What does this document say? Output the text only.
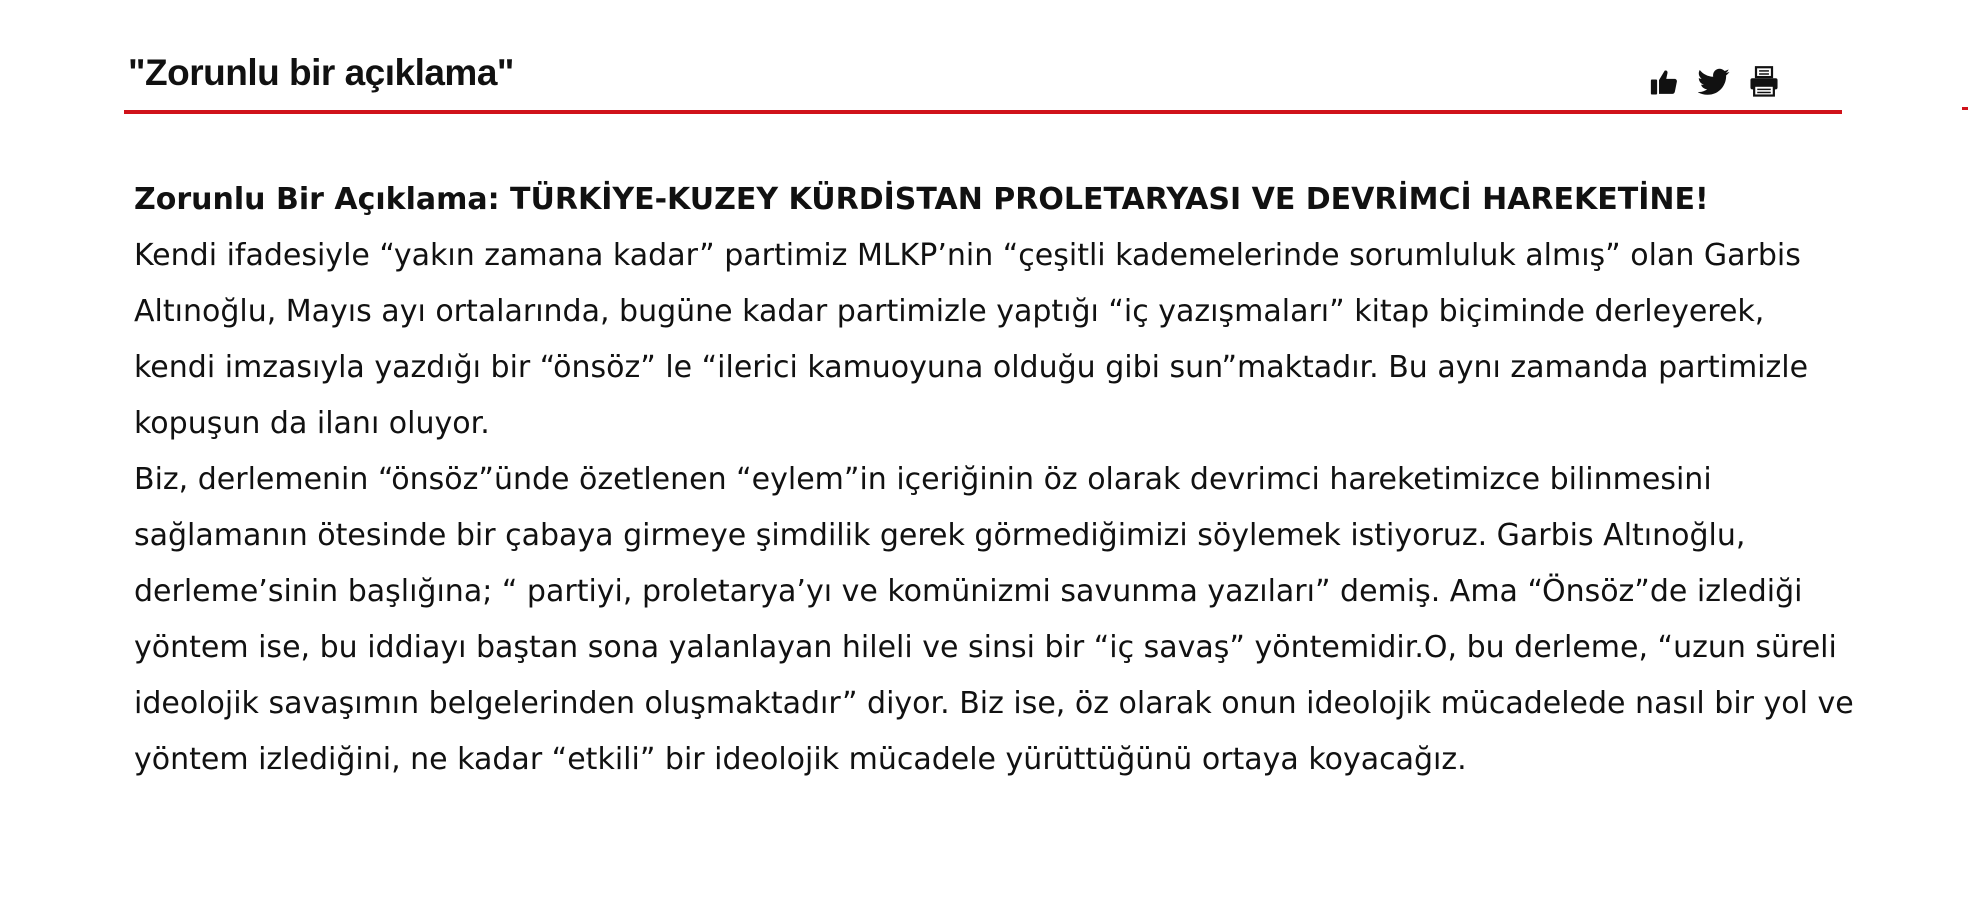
"Zorunlu bir açıklama"
Zorunlu Bir Açıklama: TÜRKİYE-KUZEY KÜRDİSTAN PROLETARYASI VE DEVRİMCİ HAREKETİNE!

Kendi ifadesiyle “yakın zamana kadar” partimiz MLKP’nin “çeşitli kademelerinde sorumluluk almış” olan Garbis Altınoğlu, Mayıs ayı ortalarında, bugüne kadar partimizle yaptığı “iç yazışmaları” kitap biçiminde derleyerek, kendi imzasıyla yazdığı bir “önsöz” le “ilerici kamuoyuna olduğu gibi sun”maktadır. Bu aynı zamanda partimizle kopuşun da ilanı oluyor.

Biz, derlemenin “önsöz”ünde özetlenen “eylem”in içeriğinin öz olarak devrimci hareketimizce bilinmesini sağlamanın ötesinde bir çabaya girmeye şimdilik gerek görmediğimizi söylemek istiyoruz. Garbis Altınoğlu, derleme’sinin başlığına; “ partiyi, proletarya’yı ve komünizmi savunma yazıları” demiş. Ama “Önsöz”de izlediği yöntem ise, bu iddiayı baştan sona yalanlayan hileli ve sinsi bir “iç savaş” yöntemidir.O, bu derleme, “uzun süreli ideolojik savaşımın belgelerinden oluşmaktadır” diyor. Biz ise, öz olarak onun ideolojik mücadelede nasıl bir yol ve yöntem izlediğini, ne kadar “etkili” bir ideolojik mücadele yürüttüğünü ortaya koyacağız.
